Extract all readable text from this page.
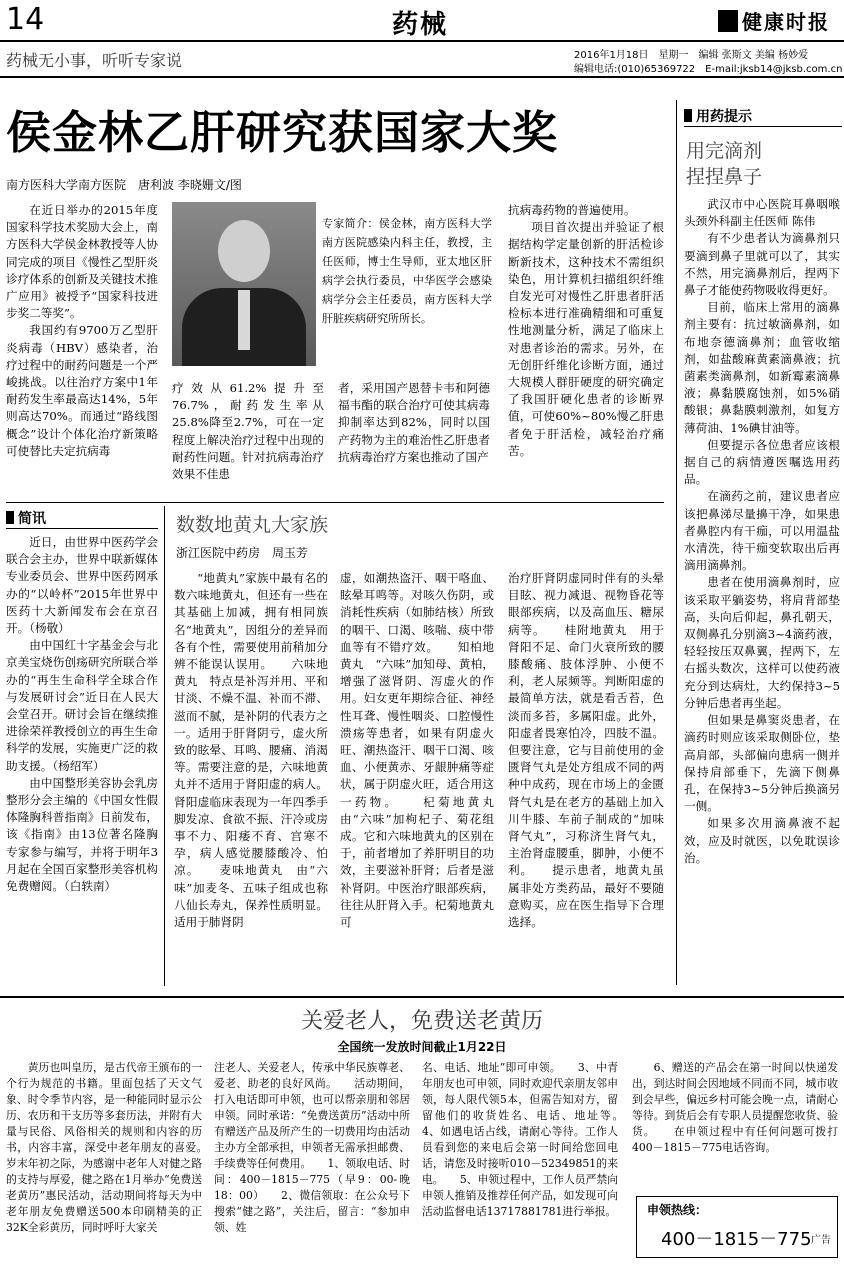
14	药械	健康时报
药械无小事，听听专家说	2016年1月18日　星期一　编辑 张斯文 美编 杨妙爱
编辑电话:(010)65369722　E-mail:jksb14@jksb.com.cn
侯金林乙肝研究获国家大奖
南方医科大学南方医院　唐利波 李晓姗文/图

在近日举办的2015年度国家科学技术奖励大会上，南方医科大学侯金林教授等人协同完成的项目《慢性乙型肝炎诊疗体系的创新及关键技术推广应用》被授予“国家科技进步奖二等奖”。

我国约有9700万乙型肝炎病毒（HBV）感染者，治疗过程中的耐药问题是一个严峻挑战。以往治疗方案中1年耐药发生率最高达14%，5年则高达70%。而通过“路线图概念”设计个体化治疗新策略可使替比夫定抗病毒

专家简介：侯金林，南方医科大学南方医院感染内科主任，教授，主任医师，博士生导师，亚太地区肝病学会执行委员，中华医学会感染病学分会主任委员，南方医科大学肝脏疾病研究所所长。

疗效从61.2%提升至76.7%，耐药发生率从25.8%降至2.7%，可在一定程度上解决治疗过程中出现的耐药性问题。针对抗病毒治疗效果不佳患

者，采用国产恩替卡韦和阿德福韦酯的联合治疗可使其病毒抑制率达到82%，同时以国产药物为主的难治性乙肝患者抗病毒治疗方案也推动了国产

抗病毒药物的普遍使用。

项目首次提出并验证了根据结构学定量创新的肝活检诊断新技术，这种技术不需组织染色，用计算机扫描组织纤维自发光可对慢性乙肝患者肝活检标本进行准确精细和可重复性地测量分析，满足了临床上对患者诊治的需求。另外，在无创肝纤维化诊断方面，通过大规模人群肝硬度的研究确定了我国肝硬化患者的诊断界值，可使60%~80%慢乙肝患者免于肝活检，减轻治疗痛苦。

用药提示
用完滴剂
捏捏鼻子

武汉市中心医院耳鼻咽喉头颈外科副主任医师 陈伟

有不少患者认为滴鼻剂只要滴到鼻子里就可以了，其实不然，用完滴鼻剂后，捏两下鼻子才能使药物吸收得更好。

目前，临床上常用的滴鼻剂主要有：抗过敏滴鼻剂，如布地奈德滴鼻剂；血管收缩剂，如盐酸麻黄素滴鼻液；抗菌素类滴鼻剂，如新霉素滴鼻液；鼻黏膜腐蚀剂，如5%硝酸银；鼻黏膜刺激剂，如复方薄荷油、1%碘甘油等。

但要提示各位患者应该根据自己的病情遵医嘱选用药品。

在滴药之前，建议患者应该把鼻涕尽量擤干净，如果患者鼻腔内有干痂，可以用温盐水清洗，待干痂变软取出后再滴用滴鼻剂。

患者在使用滴鼻剂时，应该采取平躺姿势，将肩背部垫高，头向后仰起，鼻孔朝天，双侧鼻孔分别滴3~4滴药液，轻轻按压双鼻翼，捏两下，左右摇头数次，这样可以使药液充分到达病灶，大约保持3~5分钟后患者再坐起。

但如果是鼻窦炎患者，在滴药时则应该采取侧卧位，垫高肩部，头部偏向患病一侧并保持肩部垂下，先滴下侧鼻孔，在保持3~5分钟后换滴另一侧。

如果多次用滴鼻液不起效，应及时就医，以免耽误诊治。

简讯

近日，由世界中医药学会联合会主办，世界中联新媒体专业委员会、世界中医药网承办的“以岭杯”2015年世界中医药十大新闻发布会在京召开。（杨敬）

由中国红十字基金会与北京美宝烧伤创疡研究所联合举办的“再生生命科学全球合作与发展研讨会”近日在人民大会堂召开。研讨会旨在继续推进徐荣祥教授创立的再生生命科学的发展，实施更广泛的救助支援。（杨绍军）

由中国整形美容协会乳房整形分会主编的《中国女性假体隆胸科普指南》日前发布，该《指南》由13位著名隆胸专家参与编写，并将于明年3月起在全国百家整形美容机构免费赠阅。（白轶南）

数数地黄丸大家族
浙江医院中药房　周玉芳

“地黄丸”家族中最有名的数六味地黄丸，但还有一些在其基础上加减，拥有相同族名“地黄丸”，因组分的差异而各有个性，需要使用前稍加分辨不能误认误用。　　六味地黄丸　特点是补泻并用、平和甘淡、不燥不温、补而不滞、滋而不腻，是补阴的代表方之一。适用于肝肾阴亏，虚火所致的眩晕、耳鸣、腰痛、消渴等。需要注意的是，六味地黄丸并不适用于肾阳虚的病人。肾阳虚临床表现为一年四季手脚发凉、食欲不振、汗冷或房事不力、阳痿不育、宫寒不孕，病人感觉腰膝酸冷、怕凉。　　麦味地黄丸　由“六味”加麦冬、五味子组成也称八仙长寿丸，保养性质明显。适用于肺肾阴

虚，如潮热盗汗、咽干咯血、眩晕耳鸣等。对咳久伤阴，或消耗性疾病（如肺结核）所致的咽干、口渴、咳喘、痰中带血等有不错疗效。　　知柏地黄丸　“六味”加知母、黄柏，增强了滋肾阴、泻虚火的作用。妇女更年期综合征、神经性耳聋、慢性咽炎、口腔慢性溃疡等患者，如果有阴虚火旺、潮热盗汗、咽干口渴、咳血、小便黄赤、牙龈肿痛等症状，属于阴虚火旺，适合用这一药物。　　杞菊地黄丸　由“六味”加枸杞子、菊花组成。它和六味地黄丸的区别在于，前者增加了养肝明目的功效，主要滋补肝肾；后者是滋补肾阴。中医治疗眼部疾病，往往从肝肾入手。杞菊地黄丸可

治疗肝肾阴虚同时伴有的头晕目眩、视力减退、视物昏花等眼部疾病，以及高血压、糖尿病等。　　桂附地黄丸　用于肾阳不足、命门火衰所致的腰膝酸痛、肢体浮肿、小便不利，老人尿频等。判断阳虚的最简单方法，就是看舌苔，色淡而多苔，多属阳虚。此外，阳虚者畏寒怕冷，四肢不温。但要注意，它与目前使用的金匮肾气丸是处方组成不同的两种中成药，现在市场上的金匮肾气丸是在老方的基础上加入川牛膝、车前子制成的“加味肾气丸”，习称济生肾气丸，主治肾虚腰重，脚肿，小便不利。　　提示患者，地黄丸虽属非处方类药品，最好不要随意购买，应在医生指导下合理选择。

关爱老人，免费送老黄历
全国统一发放时间截止1月22日

黄历也叫皇历，是古代帝王颁布的一个行为规范的书籍。里面包括了天文气象、时令季节内容，是一种能同时显示公历、农历和干支历等多套历法，并附有大量与民俗、风俗相关的规则和内容的历书，内容丰富，深受中老年朋友的喜爱。　　岁末年初之际，为感谢中老年人对健之路的支持与厚爱，健之路在1月举办“免费送老黄历”惠民活动，活动期间将每天为中老年朋友免费赠送500本印刷精美的正32K全彩黄历，同时呼吁大家关

注老人、关爱老人，传承中华民族尊老、爱老、助老的良好风尚。　　活动期间，打入电话即可申领，也可以帮亲朋和邻居申领。同时承诺：“免费送黄历”活动中所有赠送产品及所产生的一切费用均由活动主办方全部承担，申领者无需承担邮费、手续费等任何费用。　　1、领取电话、时间：400－1815－775（早9：00-晚18：00）　　2、微信领取：在公众号下搜索“健之路”，关注后，留言：“参加申领、姓

名、电话、地址”即可申领。　　3、中青年朋友也可申领，同时欢迎代亲朋友邻申领，每人限代领5本，但需告知对方，留留他们的收货姓名、电话、地址等。　　4、如遇电话占线，请耐心等待。工作人员看到您的来电后会第一时间给您回电话，请您及时接听010－52349851的来电。　　5、申领过程中，工作人员严禁向申领人推销及推荐任何产品，如发现可向活动监督电话13717881781进行举报。

6、赠送的产品会在第一时间以快递发出，到达时间会因地域不同而不同，城市收到会早些，偏远乡村可能会晚一点，请耐心等待。到货后会有专职人员提醒您收货、验货。　　在申领过程中有任何问题可拨打400－1815－775电话咨询。

申领热线：
400－1815－775 广告
